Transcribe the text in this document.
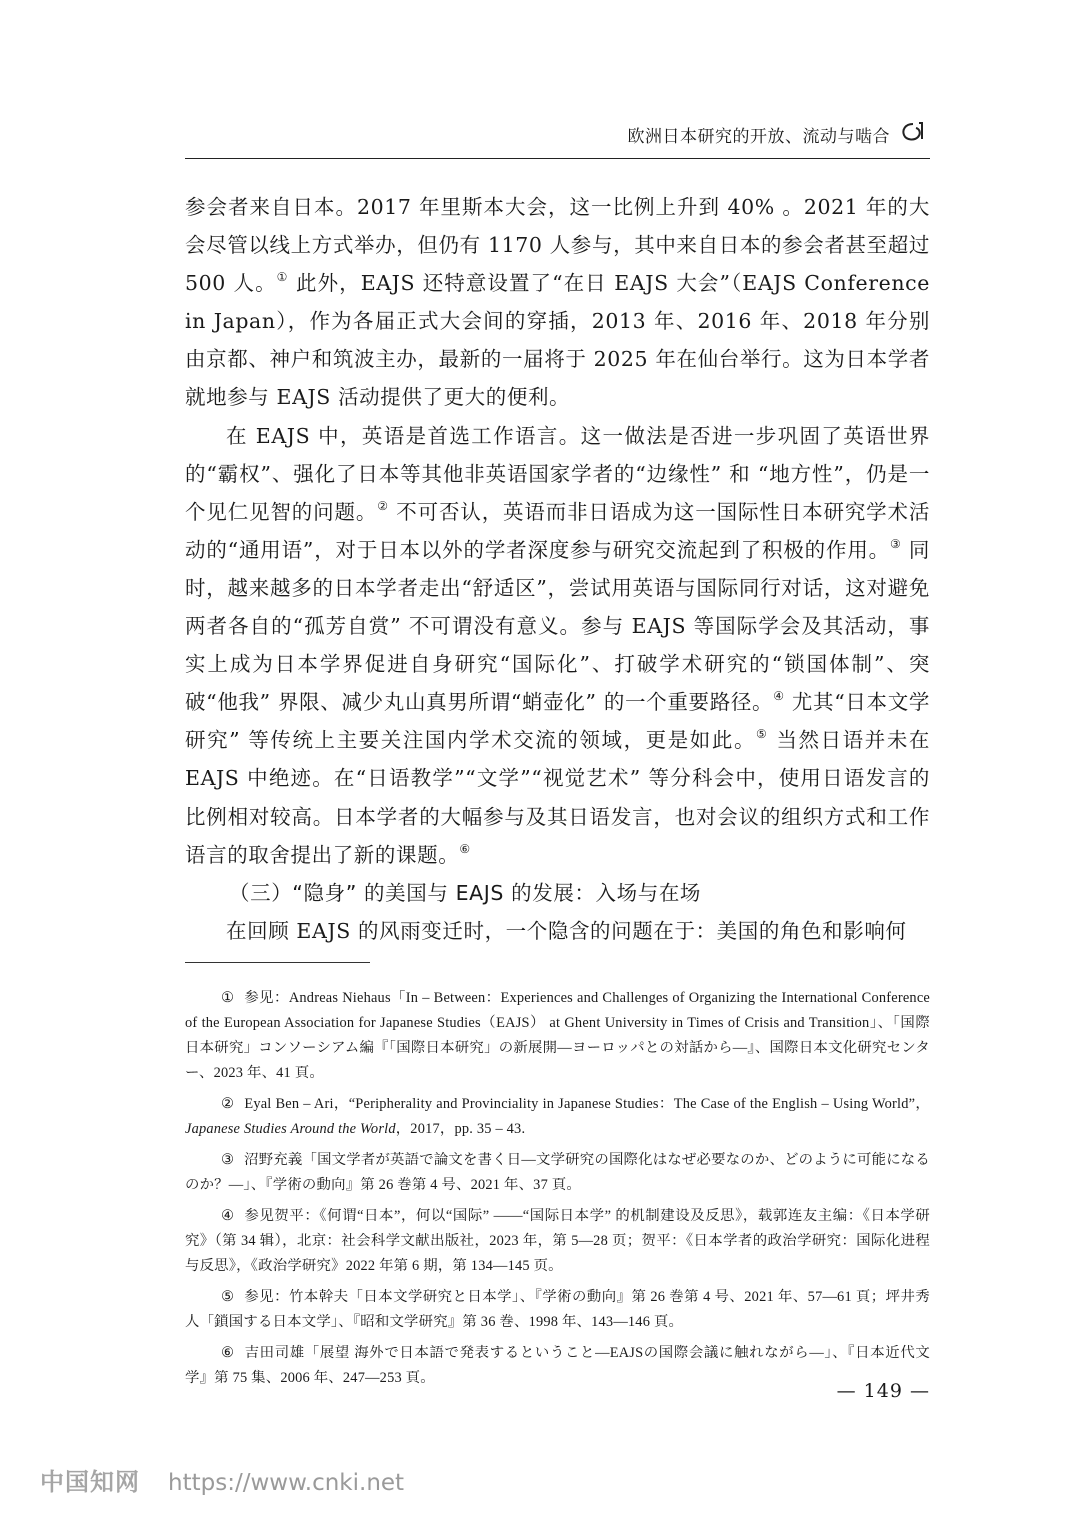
欧洲日本研究的开放、流动与啮合

参会者来自日本。2017 年里斯本大会，这一比例上升到 40% 。2021 年的大会尽管以线上方式举办，但仍有 1170 人参与，其中来自日本的参会者甚至超过 500 人。① 此外，EAJS 还特意设置了“在日 EAJS 大会”（EAJS Conference in Japan），作为各届正式大会间的穿插，2013 年、2016 年、2018 年分别由京都、神户和筑波主办，最新的一届将于 2025 年在仙台举行。这为日本学者就地参与 EAJS 活动提供了更大的便利。

在 EAJS 中，英语是首选工作语言。这一做法是否进一步巩固了英语世界的“霸权”、强化了日本等其他非英语国家学者的“边缘性” 和 “地方性”，仍是一个见仁见智的问题。② 不可否认，英语而非日语成为这一国际性日本研究学术活动的“通用语”，对于日本以外的学者深度参与研究交流起到了积极的作用。③ 同时，越来越多的日本学者走出“舒适区”，尝试用英语与国际同行对话，这对避免两者各自的“孤芳自赏” 不可谓没有意义。参与 EAJS 等国际学会及其活动，事实上成为日本学界促进自身研究“国际化”、打破学术研究的“锁国体制”、突破“他我” 界限、减少丸山真男所谓“蛸壶化” 的一个重要路径。④ 尤其“日本文学研究” 等传统上主要关注国内学术交流的领域，更是如此。⑤ 当然日语并未在 EAJS 中绝迹。在“日语教学”“文学”“视觉艺术” 等分科会中，使用日语发言的比例相对较高。日本学者的大幅参与及其日语发言，也对会议的组织方式和工作语言的取舍提出了新的课题。⑥

（三）“隐身” 的美国与 EAJS 的发展：入场与在场

在回顾 EAJS 的风雨变迁时，一个隐含的问题在于：美国的角色和影响何

① 参见：Andreas Niehaus「In – Between：Experiences and Challenges of Organizing the International Conference of the European Association for Japanese Studies（EAJS） at Ghent University in Times of Crisis and Transition」、「国際日本研究」コンソーシアム編『「国際日本研究」の新展開—ヨーロッパとの対話から—』、国際日本文化研究センター、2023 年、41 頁。

② Eyal Ben – Ari，“Peripherality and Provinciality in Japanese Studies：The Case of the English – Using World”，Japanese Studies Around the World，2017，pp. 35 – 43.

③ 沼野充義「国文学者が英語で論文を書く日—文学研究の国際化はなぜ必要なのか、どのように可能になるのか？—」、『学術の動向』第 26 巻第 4 号、2021 年、37 頁。

④ 参见贺平：《何谓“日本”，何以“国际” ——“国际日本学” 的机制建设及反思》，载郭连友主编：《日本学研究》（第 34 辑），北京：社会科学文献出版社，2023 年，第 5—28 页；贺平：《日本学者的政治学研究：国际化进程与反思》，《政治学研究》2022 年第 6 期，第 134—145 页。

⑤ 参见：竹本幹夫「日本文学研究と日本学」、『学術の動向』第 26 巻第 4 号、2021 年、57—61 頁；坪井秀人「鎖国する日本文学」、『昭和文学研究』第 36 巻、1998 年、143—146 頁。

⑥ 吉田司雄「展望 海外で日本語で発表するということ—EAJSの国際会議に触れながら—」、『日本近代文学』第 75 集、2006 年、247—253 頁。

— 149 —
中国知网 https://www.cnki.net
